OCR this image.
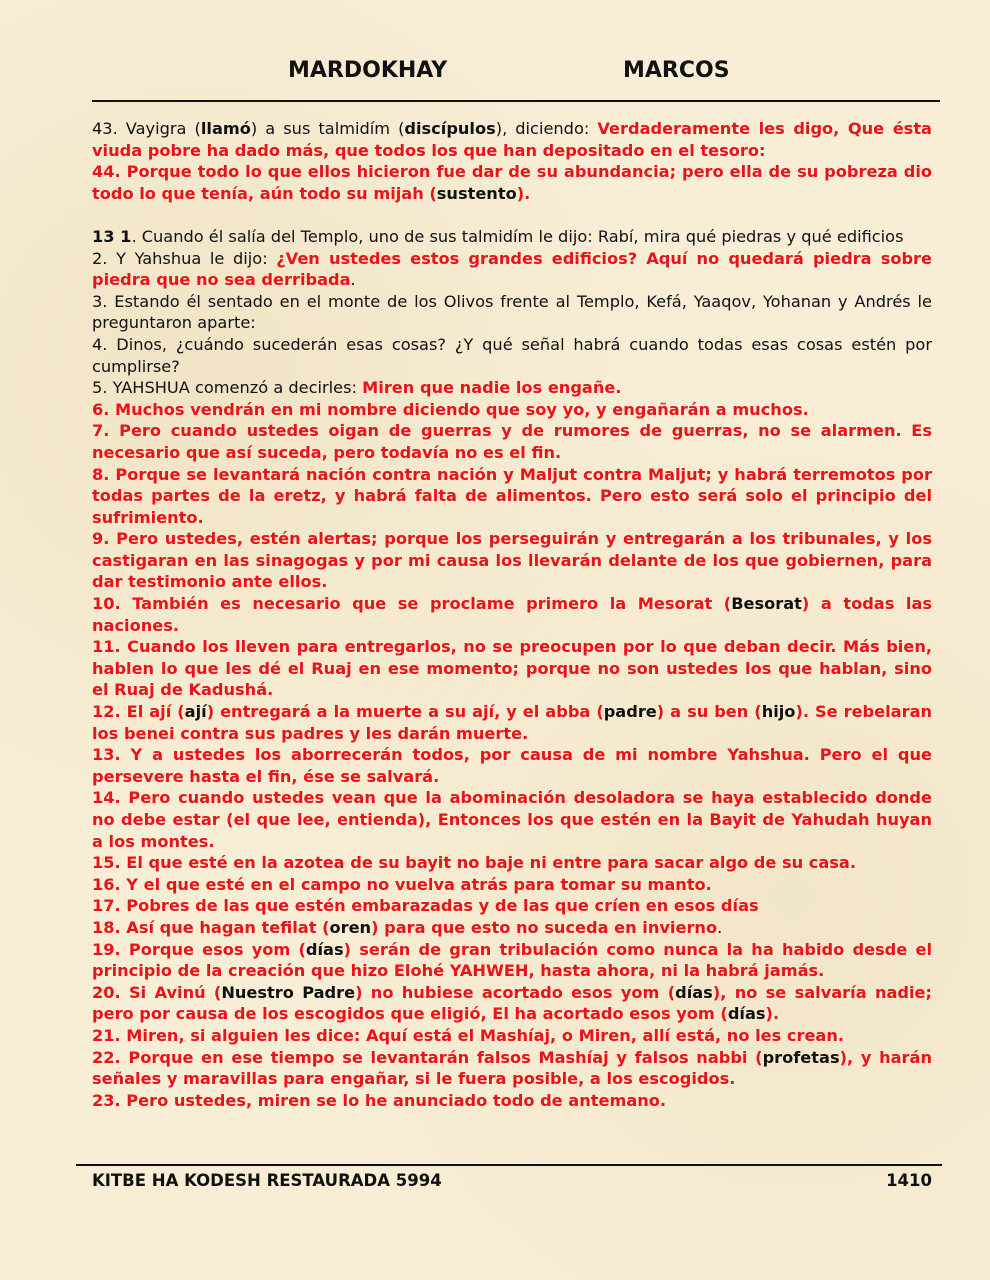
MARDOKHAY	MARCOS

43. Vayigra (llamó) a sus talmidím (discípulos), diciendo: Verdaderamente les digo, Que ésta viuda pobre ha dado más, que todos los que han depositado en el tesoro:

44. Porque todo lo que ellos hicieron fue dar de su abundancia; pero ella de su pobreza dio todo lo que tenía, aún todo su mijah (sustento).

13 1. Cuando él salía del Templo, uno de sus talmidím le dijo: Rabí, mira qué piedras y qué edificios

2. Y Yahshua le dijo: ¿Ven ustedes estos grandes edificios? Aquí no quedará piedra sobre piedra que no sea derribada.

3. Estando él sentado en el monte de los Olivos frente al Templo, Kefá, Yaaqov, Yohanan y Andrés le preguntaron aparte:

4. Dinos, ¿cuándo sucederán esas cosas? ¿Y qué señal habrá cuando todas esas cosas estén por cumplirse?

5. YAHSHUA comenzó a decirles: Miren que nadie los engañe.

6. Muchos vendrán en mi nombre diciendo que soy yo, y engañarán a muchos.

7. Pero cuando ustedes oigan de guerras y de rumores de guerras, no se alarmen. Es necesario que así suceda, pero todavía no es el fin.

8. Porque se levantará nación contra nación y Maljut contra Maljut; y habrá terremotos por todas partes de la eretz, y habrá falta de alimentos. Pero esto será solo el principio del sufrimiento.

9. Pero ustedes, estén alertas; porque los perseguirán y entregarán a los tribunales, y los castigaran en las sinagogas y por mi causa los llevarán delante de los que gobiernen, para dar testimonio ante ellos.

10. También es necesario que se proclame primero la Mesorat (Besorat) a todas las naciones.

11. Cuando los lleven para entregarlos, no se preocupen por lo que deban decir. Más bien, hablen lo que les dé el Ruaj en ese momento; porque no son ustedes los que hablan, sino el Ruaj de Kadushá.

12. El ají (ají) entregará a la muerte a su ají, y el abba (padre) a su ben (hijo). Se rebelaran los benei contra sus padres y les darán muerte.

13. Y a ustedes los aborrecerán todos, por causa de mi nombre Yahshua. Pero el que persevere hasta el fin, ése se salvará.

14. Pero cuando ustedes vean que la abominación desoladora se haya establecido donde no debe estar (el que lee, entienda), Entonces los que estén en la Bayit de Yahudah huyan a los montes.

15. El que esté en la azotea de su bayit no baje ni entre para sacar algo de su casa.

16. Y el que esté en el campo no vuelva atrás para tomar su manto.

17. Pobres de las que estén embarazadas y de las que críen en esos días

18. Así que hagan tefilat (oren) para que esto no suceda en invierno.

19. Porque esos yom (días) serán de gran tribulación como nunca la ha habido desde el principio de la creación que hizo Elohé YAHWEH, hasta ahora, ni la habrá jamás.

20. Si Avinú (Nuestro Padre) no hubiese acortado esos yom (días), no se salvaría nadie; pero por causa de los escogidos que eligió, El ha acortado esos yom (días).

21. Miren, si alguien les dice: Aquí está el Mashíaj, o Miren, allí está, no les crean.

22. Porque en ese tiempo se levantarán falsos Mashíaj y falsos nabbi (profetas), y harán señales y maravillas para engañar, si le fuera posible, a los escogidos.

23. Pero ustedes, miren se lo he anunciado todo de antemano.

KITBE HA KODESH RESTAURADA 5994	1410
